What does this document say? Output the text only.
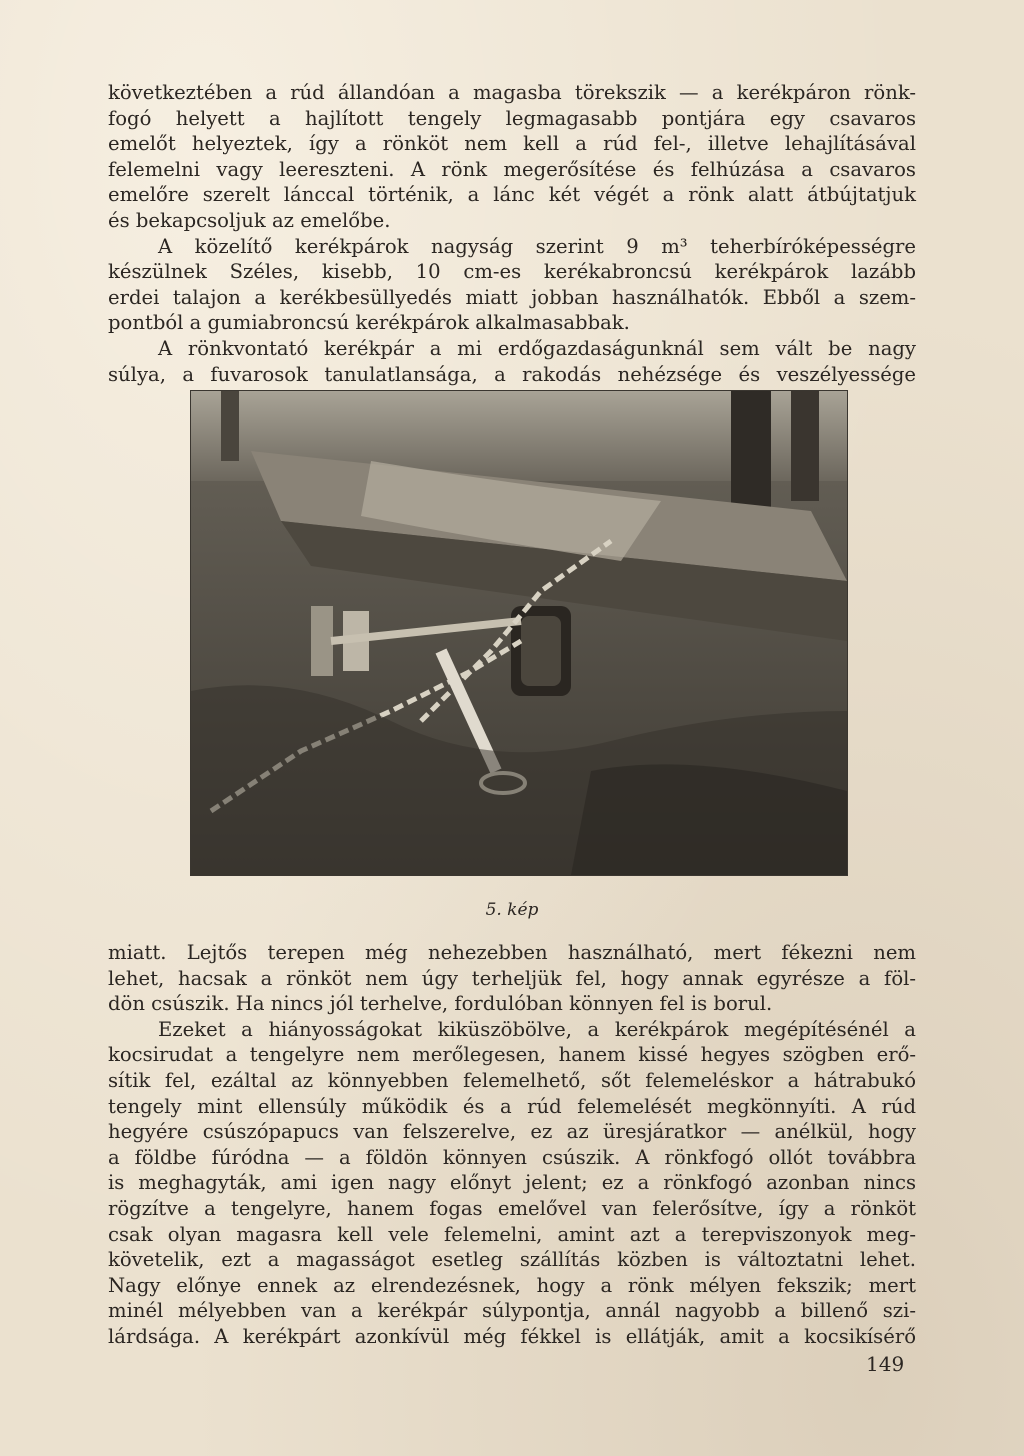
következtében a rúd állandóan a magasba törekszik — a kerékpáron rönk-
fogó helyett a hajlított tengely legmagasabb pontjára egy csavaros
emelőt helyeztek, így a rönköt nem kell a rúd fel-, illetve lehajlításával
felemelni vagy leereszteni. A rönk megerősítése és felhúzása a csavaros
emelőre szerelt lánccal történik, a lánc két végét a rönk alatt átbújtatjuk
és bekapcsoljuk az emelőbe.
A közelítő kerékpárok nagyság szerint 9 m³ teherbíróképességre
készülnek Széles, kisebb, 10 cm-es kerékabroncsú kerékpárok lazább
erdei talajon a kerékbesüllyedés miatt jobban használhatók. Ebből a szem-
pontból a gumiabroncsú kerékpárok alkalmasabbak.
A rönkvontató kerékpár a mi erdőgazdaságunknál sem vált be nagy
súlya, a fuvarosok tanulatlansága, a rakodás nehézsége és veszélyessége
5. kép
miatt. Lejtős terepen még nehezebben használható, mert fékezni nem
lehet, hacsak a rönköt nem úgy terheljük fel, hogy annak egyrésze a föl-
dön csúszik. Ha nincs jól terhelve, fordulóban könnyen fel is borul.
Ezeket a hiányosságokat kiküszöbölve, a kerékpárok megépítésénél a
kocsirudat a tengelyre nem merőlegesen, hanem kissé hegyes szögben erő-
sítik fel, ezáltal az könnyebben felemelhető, sőt felemeléskor a hátrabukó
tengely mint ellensúly működik és a rúd felemelését megkönnyíti. A rúd
hegyére csúszópapucs van felszerelve, ez az üresjáratkor — anélkül, hogy
a földbe fúródna — a földön könnyen csúszik. A rönkfogó ollót továbbra
is meghagyták, ami igen nagy előnyt jelent; ez a rönkfogó azonban nincs
rögzítve a tengelyre, hanem fogas emelővel van felerősítve, így a rönköt
csak olyan magasra kell vele felemelni, amint azt a terepviszonyok meg-
követelik, ezt a magasságot esetleg szállítás közben is változtatni lehet.
Nagy előnye ennek az elrendezésnek, hogy a rönk mélyen fekszik; mert
minél mélyebben van a kerékpár súlypontja, annál nagyobb a billenő szi-
lárdsága. A kerékpárt azonkívül még fékkel is ellátják, amit a kocsikísérő
149
